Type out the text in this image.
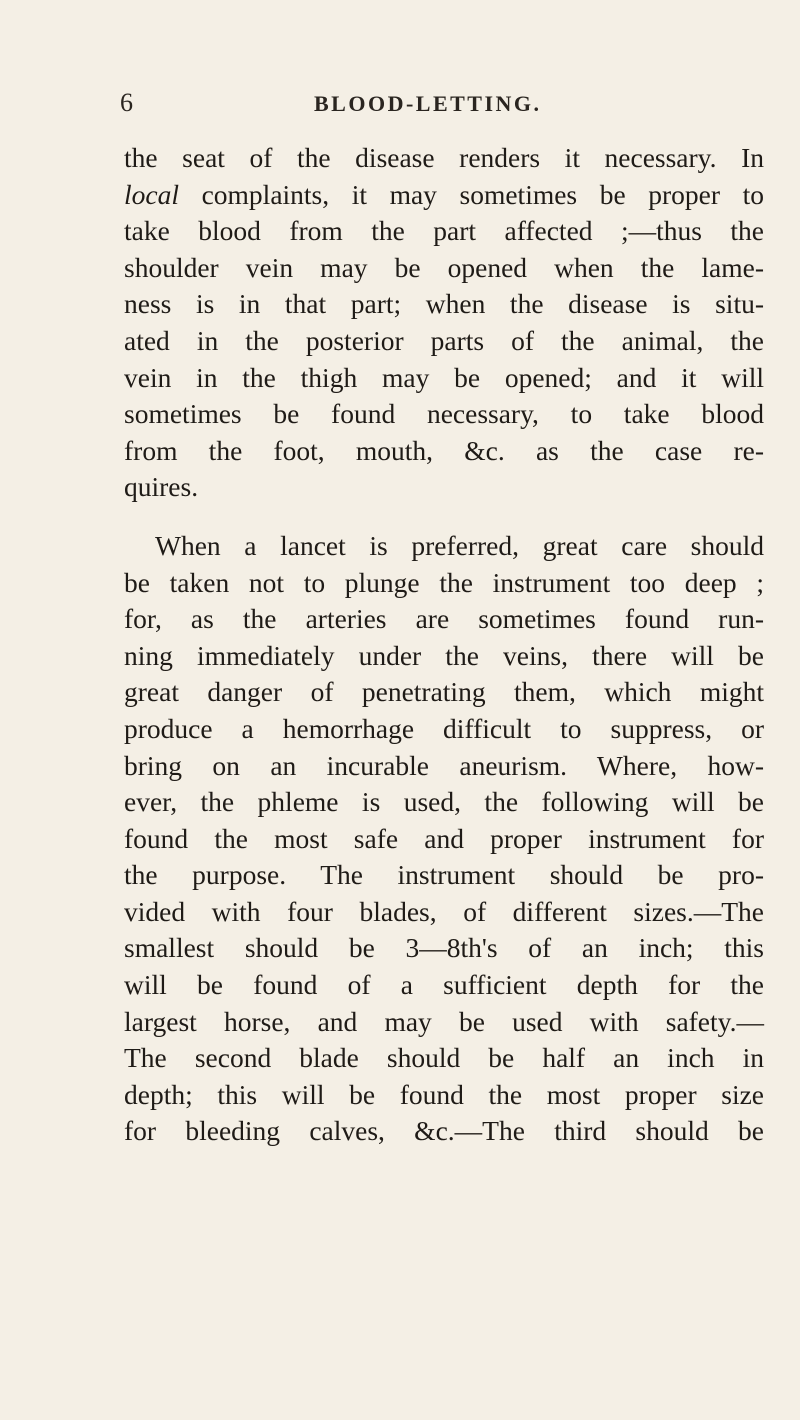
6	BLOOD-LETTING.

the seat of the disease renders it necessary. In
local complaints, it may sometimes be proper to
take blood from the part affected ;—thus the
shoulder vein may be opened when the lame-
ness is in that part; when the disease is situ-
ated in the posterior parts of the animal, the
vein in the thigh may be opened; and it will
sometimes be found necessary, to take blood
from the foot, mouth, &c. as the case re-
quires.

When a lancet is preferred, great care should
be taken not to plunge the instrument too deep ;
for, as the arteries are sometimes found run-
ning immediately under the veins, there will be
great danger of penetrating them, which might
produce a hemorrhage difficult to suppress, or
bring on an incurable aneurism. Where, how-
ever, the phleme is used, the following will be
found the most safe and proper instrument for
the purpose. The instrument should be pro-
vided with four blades, of different sizes.—The
smallest should be 3—8th's of an inch; this
will be found of a sufficient depth for the
largest horse, and may be used with safety.—
The second blade should be half an inch in
depth; this will be found the most proper size
for bleeding calves, &c.—The third should be
